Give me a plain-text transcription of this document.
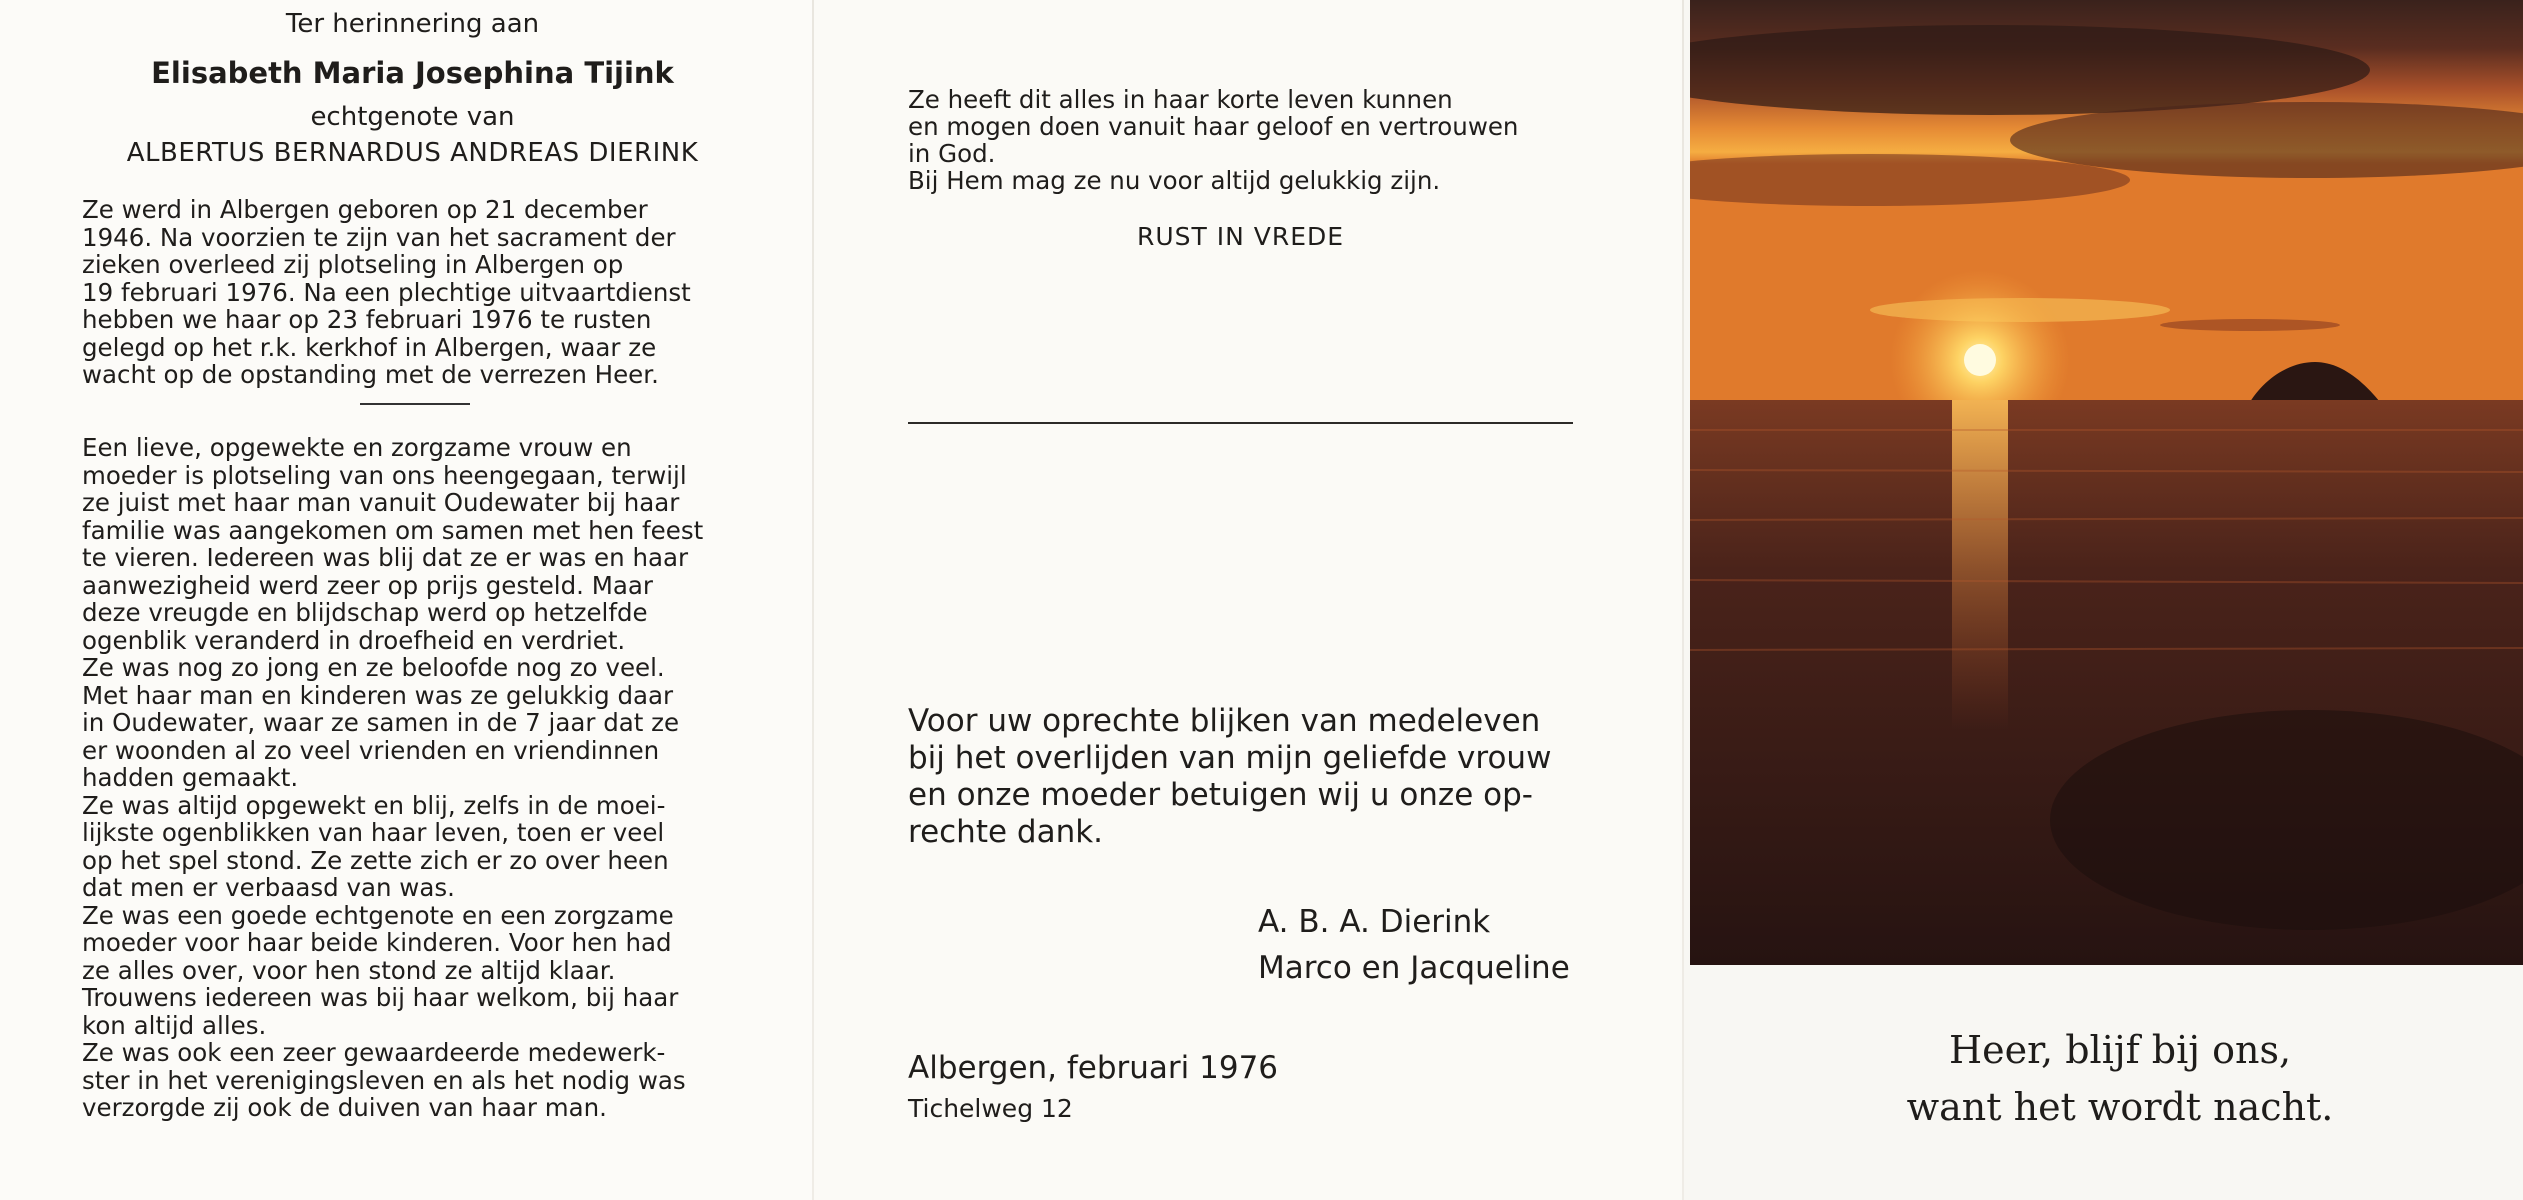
Ter herinnering aan
Elisabeth Maria Josephina Tijink
echtgenote van
ALBERTUS BERNARDUS ANDREAS DIERINK

Ze werd in Albergen geboren op 21 december
1946. Na voorzien te zijn van het sacrament der
zieken overleed zij plotseling in Albergen op
19 februari 1976. Na een plechtige uitvaartdienst
hebben we haar op 23 februari 1976 te rusten
gelegd op het r.k. kerkhof in Albergen, waar ze
wacht op de opstanding met de verrezen Heer.

Een lieve, opgewekte en zorgzame vrouw en
moeder is plotseling van ons heengegaan, terwijl
ze juist met haar man vanuit Oudewater bij haar
familie was aangekomen om samen met hen feest
te vieren. Iedereen was blij dat ze er was en haar
aanwezigheid werd zeer op prijs gesteld. Maar
deze vreugde en blijdschap werd op hetzelfde
ogenblik veranderd in droefheid en verdriet.
Ze was nog zo jong en ze beloofde nog zo veel.
Met haar man en kinderen was ze gelukkig daar
in Oudewater, waar ze samen in de 7 jaar dat ze
er woonden al zo veel vrienden en vriendinnen
hadden gemaakt.
Ze was altijd opgewekt en blij, zelfs in de moei-
lijkste ogenblikken van haar leven, toen er veel
op het spel stond. Ze zette zich er zo over heen
dat men er verbaasd van was.
Ze was een goede echtgenote en een zorgzame
moeder voor haar beide kinderen. Voor hen had
ze alles over, voor hen stond ze altijd klaar.
Trouwens iedereen was bij haar welkom, bij haar
kon altijd alles.
Ze was ook een zeer gewaardeerde medewerk-
ster in het verenigingsleven en als het nodig was
verzorgde zij ook de duiven van haar man.

Ze heeft dit alles in haar korte leven kunnen
en mogen doen vanuit haar geloof en vertrouwen
in God.
Bij Hem mag ze nu voor altijd gelukkig zijn.

RUST IN VREDE

Voor uw oprechte blijken van medeleven
bij het overlijden van mijn geliefde vrouw
en onze moeder betuigen wij u onze op-
rechte dank.

A. B. A. Dierink
Marco en Jacqueline
Albergen, februari 1976
Tichelweg 12
Heer, blijf bij ons,
want het wordt nacht.
